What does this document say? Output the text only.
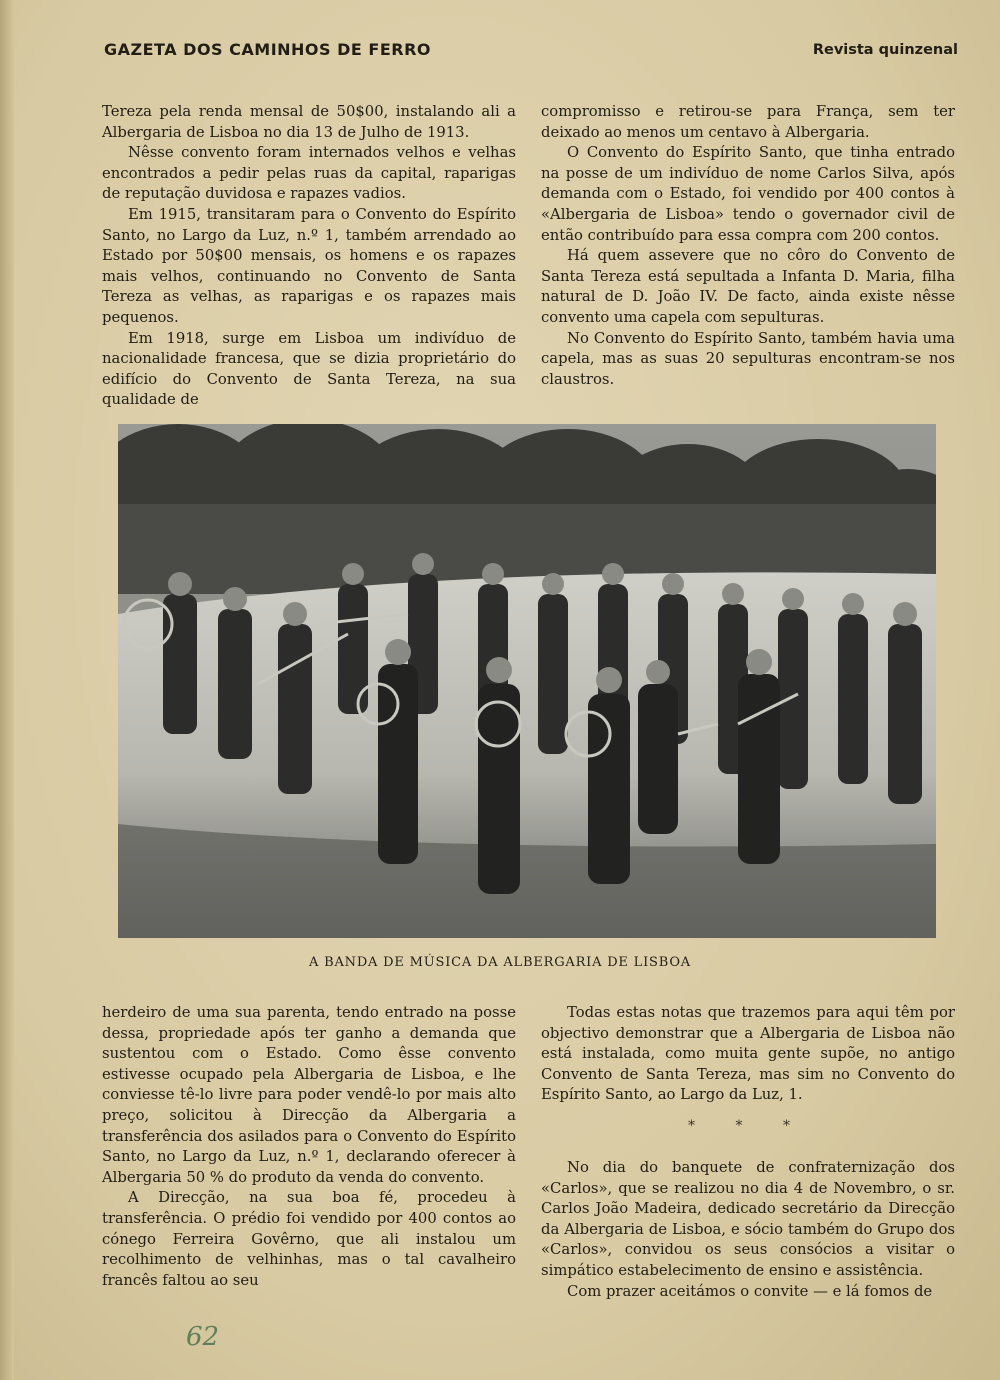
GAZETA DOS CAMINHOS DE FERRO	Revista quinzenal

Tereza pela renda mensal de 50$00, instalando ali a Albergaria de Lisboa no dia 13 de Julho de 1913.

Nêsse convento foram internados velhos e velhas encontrados a pedir pelas ruas da capital, raparigas de reputação duvidosa e rapazes vadios.

Em 1915, transitaram para o Convento do Espírito Santo, no Largo da Luz, n.º 1, também arrendado ao Estado por 50$00 mensais, os homens e os rapazes mais velhos, continuando no Convento de Santa Tereza as velhas, as raparigas e os rapazes mais pequenos.

Em 1918, surge em Lisboa um indivíduo de nacionalidade francesa, que se dizia proprietário do edifício do Convento de Santa Tereza, na sua qualidade de

compromisso e retirou-se para França, sem ter deixado ao menos um centavo à Albergaria.

O Convento do Espírito Santo, que tinha entrado na posse de um indivíduo de nome Carlos Silva, após demanda com o Estado, foi vendido por 400 contos à «Albergaria de Lisboa» tendo o governador civil de então contribuído para essa compra com 200 contos.

Há quem assevere que no côro do Convento de Santa Tereza está sepultada a Infanta D. Maria, filha natural de D. João IV. De facto, ainda existe nêsse convento uma capela com sepulturas.

No Convento do Espírito Santo, também havia uma capela, mas as suas 20 sepulturas encontram-se nos claustros.

A BANDA DE MÚSICA DA ALBERGARIA DE LISBOA

herdeiro de uma sua parenta, tendo entrado na posse dessa, propriedade após ter ganho a demanda que sustentou com o Estado. Como êsse convento estivesse ocupado pela Albergaria de Lisboa, e lhe conviesse tê-lo livre para poder vendê-lo por mais alto preço, solicitou à Direcção da Albergaria a transferência dos asilados para o Convento do Espírito Santo, no Largo da Luz, n.º 1, declarando oferecer à Albergaria 50 % do produto da venda do convento.

A Direcção, na sua boa fé, procedeu à transferência. O prédio foi vendido por 400 contos ao cónego Ferreira Govêrno, que ali instalou um recolhimento de velhinhas, mas o tal cavalheiro francês faltou ao seu

Todas estas notas que trazemos para aqui têm por objectivo demonstrar que a Albergaria de Lisboa não está instalada, como muita gente supõe, no antigo Convento de Santa Tereza, mas sim no Convento do Espírito Santo, ao Largo da Luz, 1.

No dia do banquete de confraternização dos «Carlos», que se realizou no dia 4 de Novembro, o sr. Carlos João Madeira, dedicado secretário da Direcção da Albergaria de Lisboa, e sócio também do Grupo dos «Carlos», convidou os seus consócios a visitar o simpático estabelecimento de ensino e assistência.

Com prazer aceitámos o convite — e lá fomos de

* * *
62
